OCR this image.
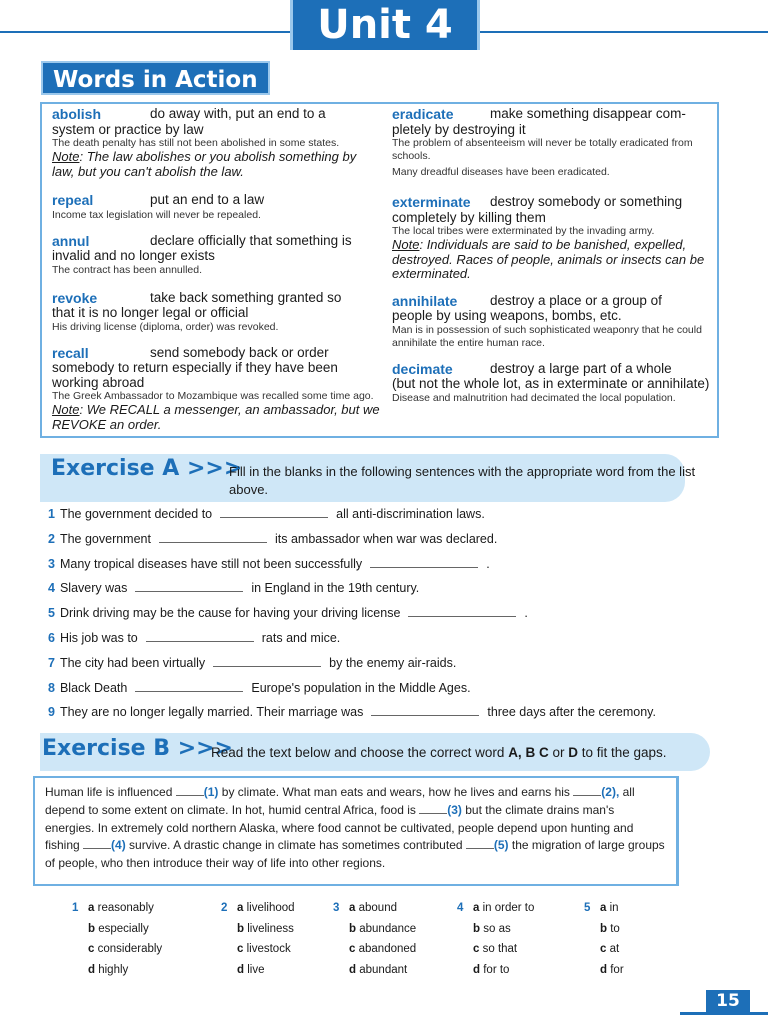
Unit 4
Words in Action
abolish	do away with, put an end to a
system or practice by law
The death penalty has still not been abolished in some states.
Note: The law abolishes or you abolish something by law, but you can't abolish the law.
repeal	put an end to a law
Income tax legislation will never be repealed.
annul	declare officially that something is
invalid and no longer exists
The contract has been annulled.
revoke	take back something granted so
that it is no longer legal or official
His driving license (diploma, order) was revoked.
recall	send somebody back or order
somebody to return especially if they have been working abroad
The Greek Ambassador to Mozambique was recalled some time ago.
Note: We RECALL a messenger, an ambassador, but we REVOKE an order.
eradicate	make something disappear com-
pletely by destroying it
The problem of absenteeism will never be totally eradicated from schools.
Many dreadful diseases have been eradicated.
exterminate destroy somebody or something
completely by killing them
The local tribes were exterminated by the invading army.
Note: Individuals are said to be banished, expelled, destroyed. Races of people, animals or insects can be exterminated.
annihilate destroy a place or a group of
people by using weapons, bombs, etc.
Man is in possession of such sophisticated weaponry that he could annihilate the entire human race.
decimate	destroy a large part of a whole
(but not the whole lot, as in exterminate or annihilate)
Disease and malnutrition had decimated the local population.
Exercise A >>>
Fill in the blanks in the following sentences with the appropriate word from the list above.
1 The government decided to	all anti-discrimination laws.
2 The government	its ambassador when war was declared.
3 Many tropical diseases have still not been successfully	.
4 Slavery was	in England in the 19th century.
5 Drink driving may be the cause for having your driving license	.
6 His job was to	rats and mice.
7 The city had been virtually	by the enemy air-raids.
8 Black Death	Europe's population in the Middle Ages.
9 They are no longer legally married. Their marriage was	three days after the ceremony.
Exercise B >>>
Read the text below and choose the correct word A, B C or D to fit the gaps.
Human life is influenced	(1) by climate. What man eats and wears, how he lives and earns his	(2), all depend to some extent on climate. In hot, humid central Africa, food is	(3) but the climate drains man's energies. In extremely cold northern Alaska, where food cannot be cultivated, people depend upon hunting and fishing	(4) survive. A drastic change in climate has sometimes contributed	(5) the migration of large groups of people, who then introduce their way of life into other regions.
1 a reasonably
b especially
c considerably
d highly
2 a livelihood
b liveliness
c livestock
d live
3 a abound
b abundance
c abandoned
d abundant
4 a in order to
b so as
c so that
d for to
5 a in
b to
c at
d for
15
